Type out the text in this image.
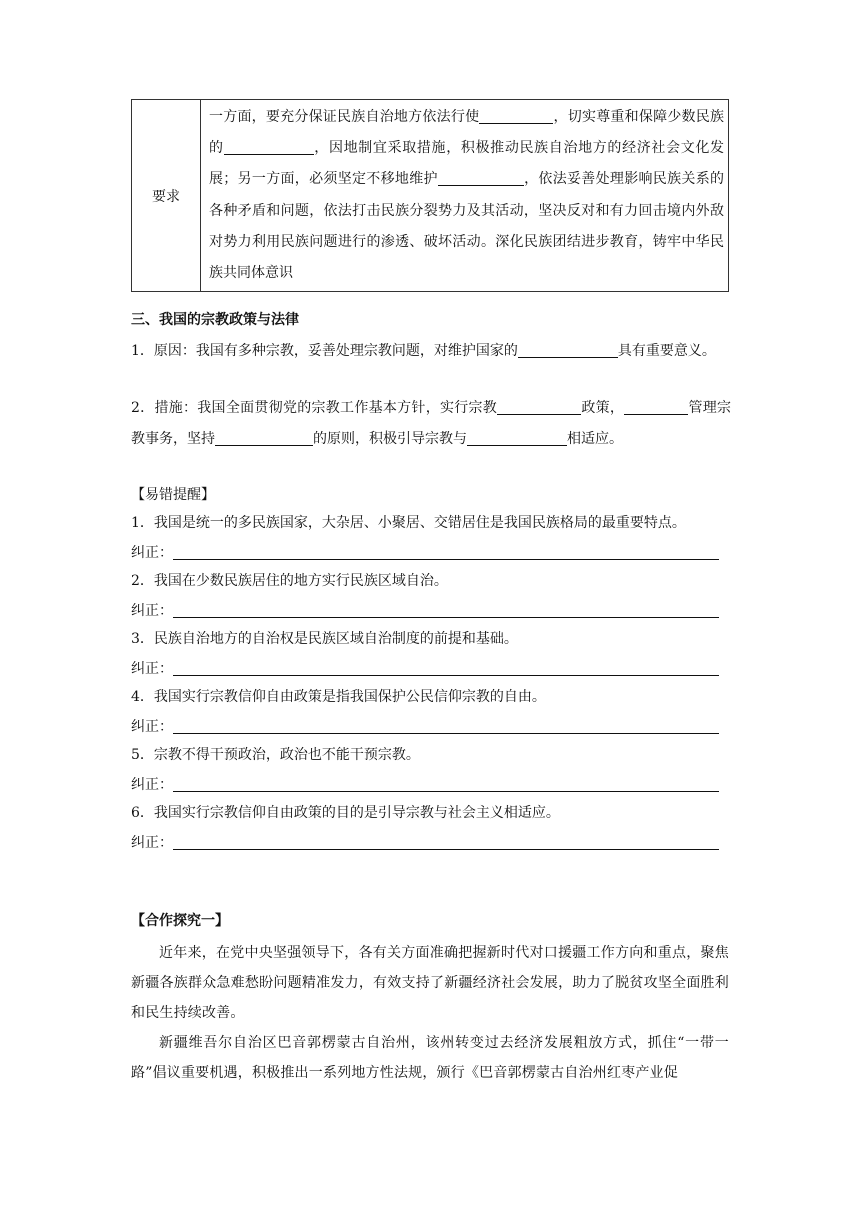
要求	一方面，要充分保证民族自治地方依法行使	，切实尊重和保障少数民族的	，因地制宜采取措施，积极推动民族自治地方的经济社会文化发展；另一方面，必须坚定不移地维护	，依法妥善处理影响民族关系的各种矛盾和问题，依法打击民族分裂势力及其活动，坚决反对和有力回击境内外敌对势力利用民族问题进行的渗透、破坏活动。深化民族团结进步教育，铸牢中华民族共同体意识
三、我国的宗教政策与法律
1．原因：我国有多种宗教，妥善处理宗教问题，对维护国家的	具有重要意义。
2．措施：我国全面贯彻党的宗教工作基本方针，实行宗教	政策，	管理宗教事务，坚持	的原则，积极引导宗教与	相适应。
【易错提醒】
1．我国是统一的多民族国家，大杂居、小聚居、交错居住是我国民族格局的最重要特点。
纠正：
2．我国在少数民族居住的地方实行民族区域自治。
纠正：
3．民族自治地方的自治权是民族区域自治制度的前提和基础。
纠正：
4．我国实行宗教信仰自由政策是指我国保护公民信仰宗教的自由。
纠正：
5．宗教不得干预政治，政治也不能干预宗教。
纠正：
6．我国实行宗教信仰自由政策的目的是引导宗教与社会主义相适应。
纠正：
【合作探究一】
近年来，在党中央坚强领导下，各有关方面准确把握新时代对口援疆工作方向和重点，聚焦新疆各族群众急难愁盼问题精准发力，有效支持了新疆经济社会发展，助力了脱贫攻坚全面胜利和民生持续改善。
新疆维吾尔自治区巴音郭楞蒙古自治州，该州转变过去经济发展粗放方式，抓住“一带一路”倡议重要机遇，积极推出一系列地方性法规，颁行《巴音郭楞蒙古自治州红枣产业促
